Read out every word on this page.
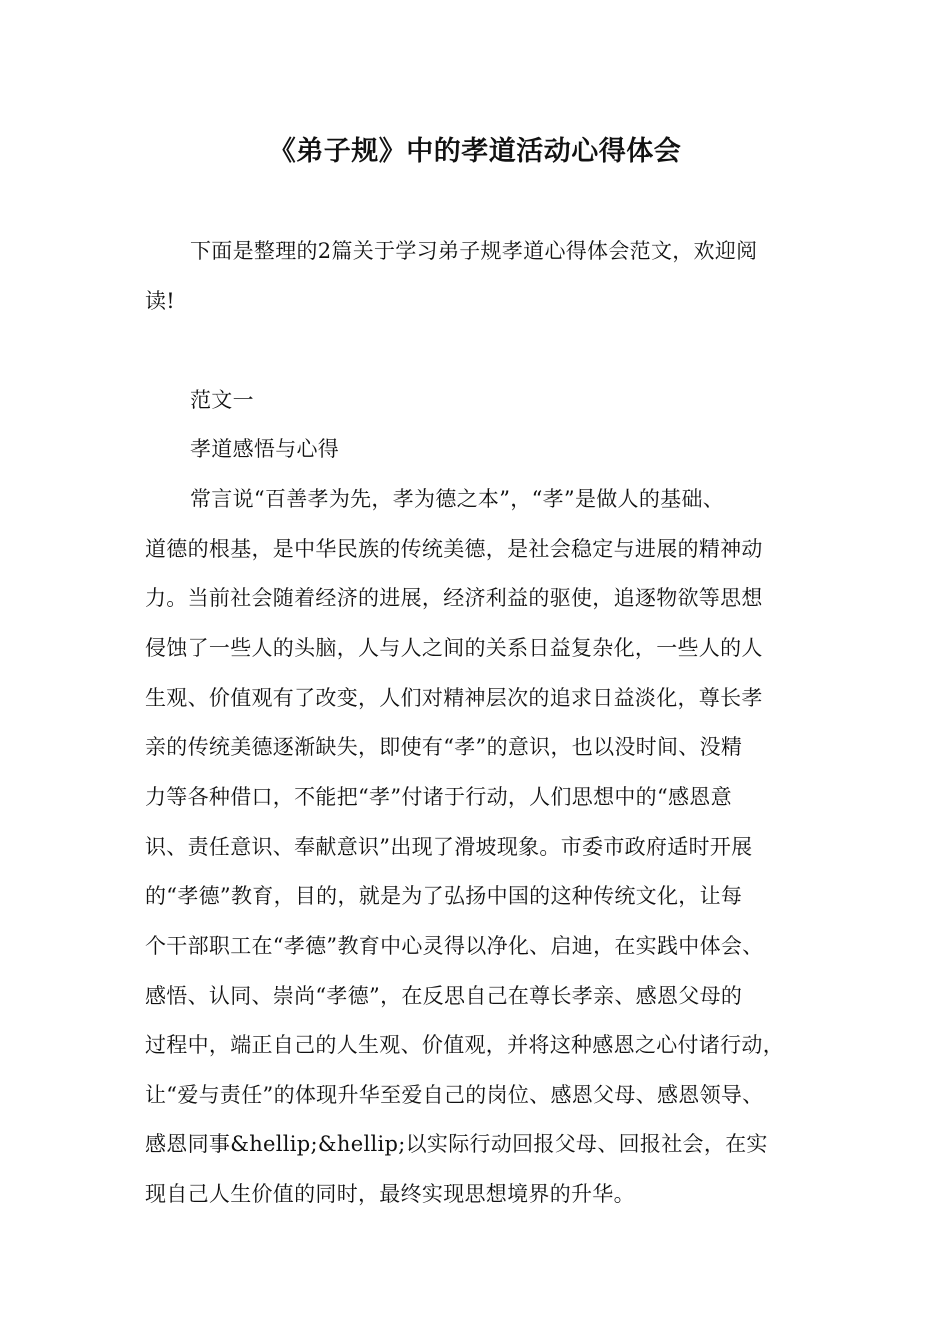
《弟子规》中的孝道活动心得体会
下面是整理的2篇关于学习弟子规孝道心得体会范文，欢迎阅
读!
范文一
孝道感悟与心得
常言说“百善孝为先，孝为德之本”，“孝”是做人的基础、
道德的根基，是中华民族的传统美德，是社会稳定与进展的精神动
力。当前社会随着经济的进展，经济利益的驱使，追逐物欲等思想
侵蚀了一些人的头脑，人与人之间的关系日益复杂化，一些人的人
生观、价值观有了改变，人们对精神层次的追求日益淡化，尊长孝
亲的传统美德逐渐缺失，即使有“孝”的意识，也以没时间、没精
力等各种借口，不能把“孝”付诸于行动，人们思想中的“感恩意
识、责任意识、奉献意识”出现了滑坡现象。市委市政府适时开展
的“孝德”教育，目的，就是为了弘扬中国的这种传统文化，让每
个干部职工在“孝德”教育中心灵得以净化、启迪，在实践中体会、
感悟、认同、崇尚“孝德”，在反思自己在尊长孝亲、感恩父母的
过程中，端正自己的人生观、价值观，并将这种感恩之心付诸行动，
让“爱与责任”的体现升华至爱自己的岗位、感恩父母、感恩领导、
感恩同事&hellip;&hellip;以实际行动回报父母、回报社会，在实
现自己人生价值的同时，最终实现思想境界的升华。
